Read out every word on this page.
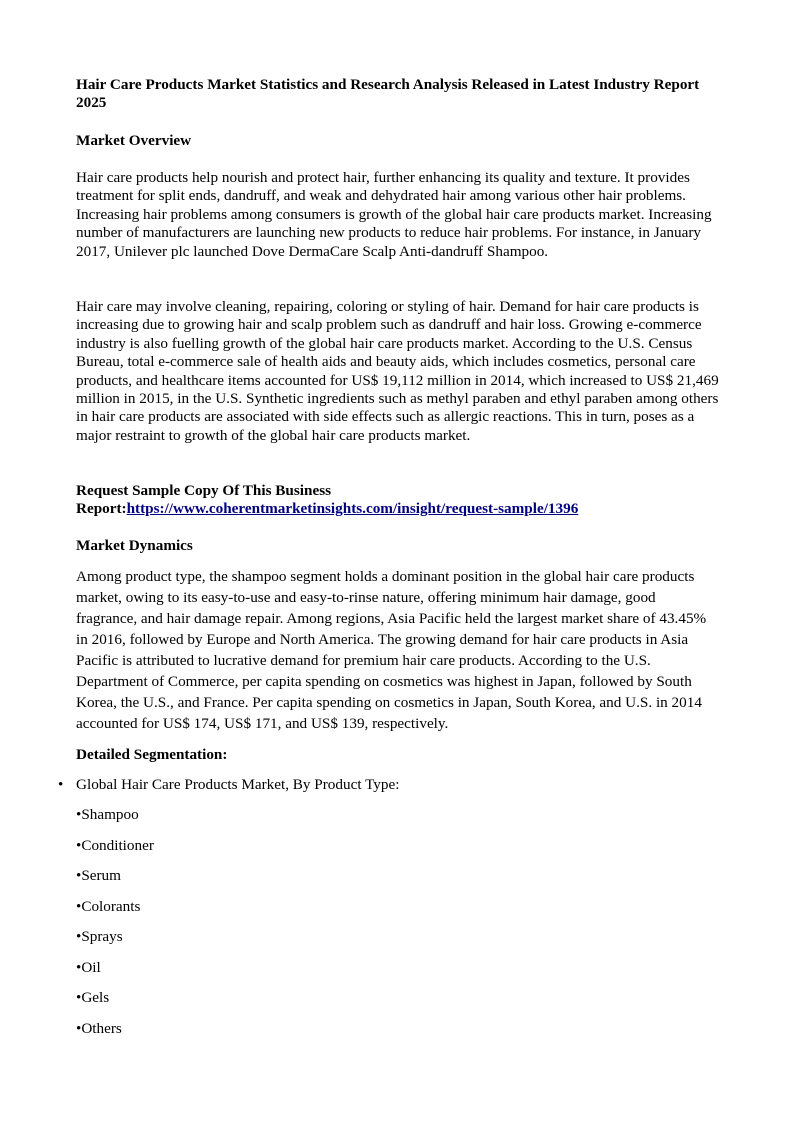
Hair Care Products Market Statistics and Research Analysis Released in Latest Industry Report 2025

Market Overview

Hair care products help nourish and protect hair, further enhancing its quality and texture. It provides treatment for split ends, dandruff, and weak and dehydrated hair among various other hair problems. Increasing hair problems among consumers is growth of the global hair care products market. Increasing number of manufacturers are launching new products to reduce hair problems. For instance, in January 2017, Unilever plc launched Dove DermaCare Scalp Anti-dandruff Shampoo.

Hair care may involve cleaning, repairing, coloring or styling of hair. Demand for hair care products is increasing due to growing hair and scalp problem such as dandruff and hair loss. Growing e-commerce industry is also fuelling growth of the global hair care products market. According to the U.S. Census Bureau, total e-commerce sale of health aids and beauty aids, which includes cosmetics, personal care products, and healthcare items accounted for US$ 19,112 million in 2014, which increased to US$ 21,469 million in 2015, in the U.S. Synthetic ingredients such as methyl paraben and ethyl paraben among others in hair care products are associated with side effects such as allergic reactions. This in turn, poses as a major restraint to growth of the global hair care products market.

Request Sample Copy Of This Business
Report:https://www.coherentmarketinsights.com/insight/request-sample/1396

Market Dynamics

Among product type, the shampoo segment holds a dominant position in the global hair care products market, owing to its easy-to-use and easy-to-rinse nature, offering minimum hair damage, good fragrance, and hair damage repair. Among regions, Asia Pacific held the largest market share of 43.45% in 2016, followed by Europe and North America. The growing demand for hair care products in Asia Pacific is attributed to lucrative demand for premium hair care products. According to the U.S. Department of Commerce, per capita spending on cosmetics was highest in Japan, followed by South Korea, the U.S., and France. Per capita spending on cosmetics in Japan, South Korea, and U.S. in 2014 accounted for US$ 174, US$ 171, and US$ 139, respectively.

Detailed Segmentation:

• Global Hair Care Products Market, By Product Type:

•Shampoo

•Conditioner

•Serum

•Colorants

•Sprays

•Oil

•Gels

•Others
